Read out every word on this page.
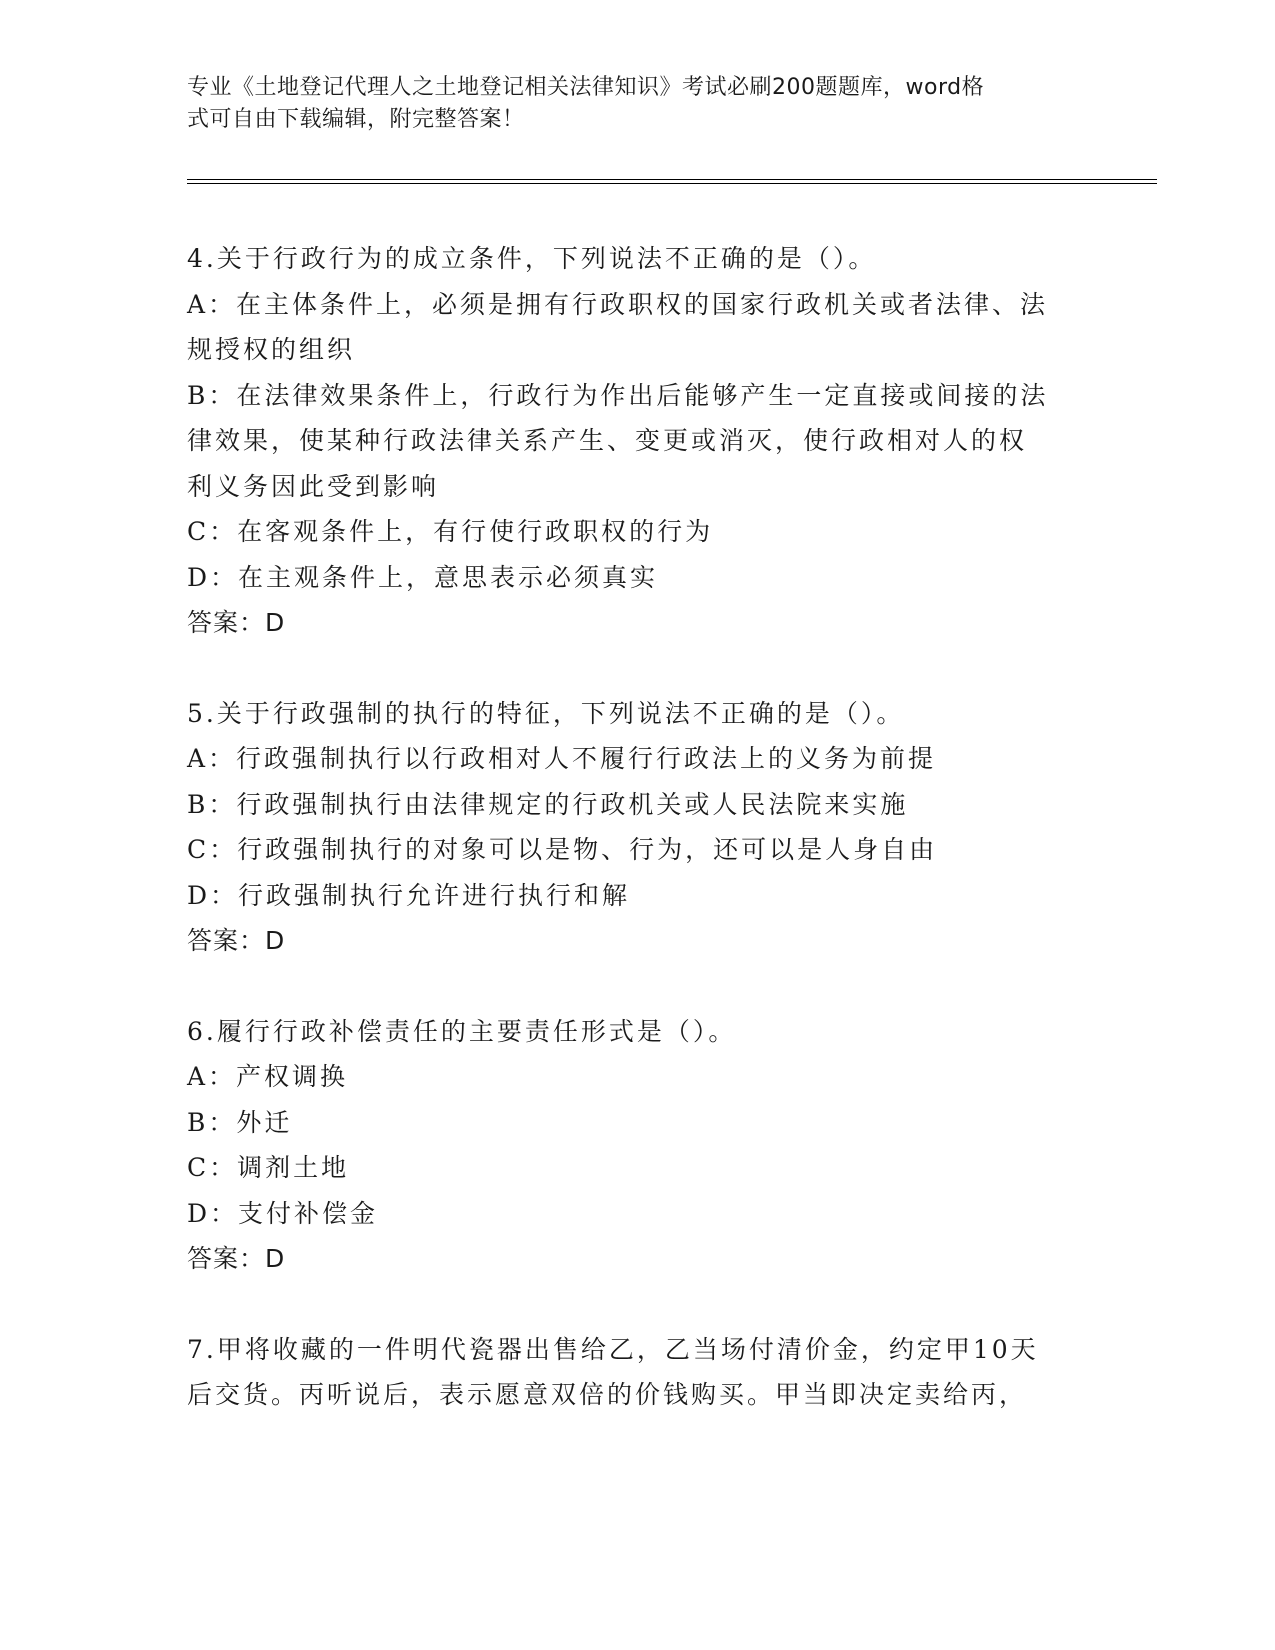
专业《土地登记代理人之土地登记相关法律知识》考试必刷200题题库，word格
式可自由下载编辑，附完整答案！
4.关于行政行为的成立条件，下列说法不正确的是（）。
A：在主体条件上，必须是拥有行政职权的国家行政机关或者法律、法
规授权的组织
B：在法律效果条件上，行政行为作出后能够产生一定直接或间接的法
律效果，使某种行政法律关系产生、变更或消灭，使行政相对人的权
利义务因此受到影响
C：在客观条件上，有行使行政职权的行为
D：在主观条件上，意思表示必须真实
答案：D
5.关于行政强制的执行的特征，下列说法不正确的是（）。
A：行政强制执行以行政相对人不履行行政法上的义务为前提
B：行政强制执行由法律规定的行政机关或人民法院来实施
C：行政强制执行的对象可以是物、行为，还可以是人身自由
D：行政强制执行允许进行执行和解
答案：D
6.履行行政补偿责任的主要责任形式是（）。
A：产权调换
B：外迁
C：调剂土地
D：支付补偿金
答案：D
7.甲将收藏的一件明代瓷器出售给乙，乙当场付清价金，约定甲10天
后交货。丙听说后，表示愿意双倍的价钱购买。甲当即决定卖给丙，
